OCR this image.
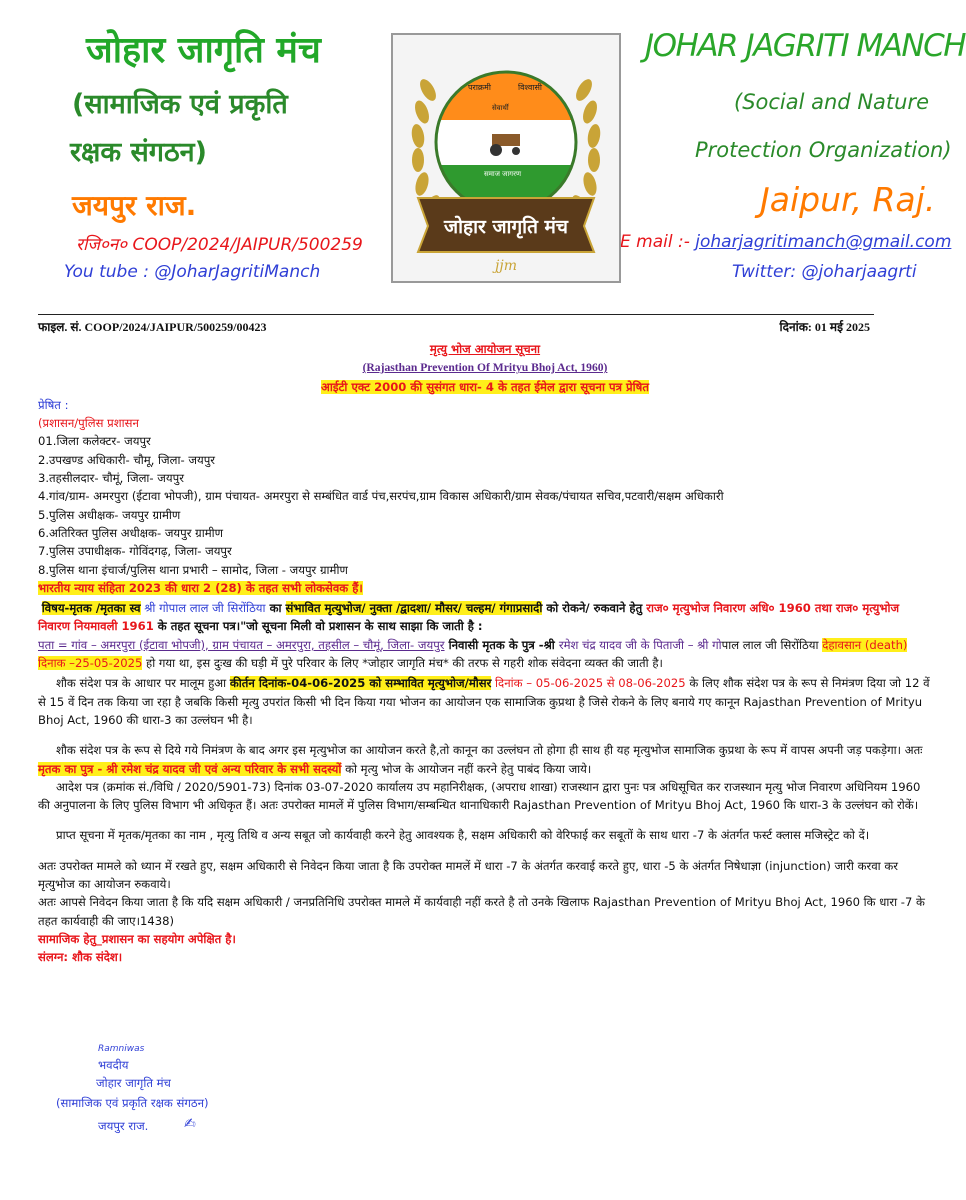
जोहार जागृति मंच
(सामाजिक एवं प्रकृति
रक्षक संगठन)
जयपुर राज.
रजि०न० COOP/2024/JAIPUR/500259
You tube : @JoharJagritiManch
JOHAR JAGRITI MANCH
(Social and Nature
Protection Organization)
Jaipur, Raj.
E mail :- joharjagritimanch@gmail.com
Twitter: @joharjaagrti
पराक्रमी	विश्वासी
सेवार्थी
समाज जागरण
जोहार जागृति मंच
jjm
फाइल. सं. COOP/2024/JAIPUR/500259/00423	दिनांक: 01 मई 2025
मृत्यु भोज आयोजन सूचना
(Rajasthan Prevention Of Mrityu Bhoj Act, 1960)
आईटी एक्ट 2000 की सुसंगत धारा- 4 के तहत ईमेल द्वारा सूचना पत्र प्रेषित
प्रेषित :
(प्रशासन/पुलिस प्रशासन
01.जिला कलेक्टर- जयपुर
2.उपखण्ड अधिकारी- चौमू, जिला- जयपुर
3.तहसीलदार- चौमूं, जिला- जयपुर
4.गांव/ग्राम- अमरपुरा (ईटावा भोपजी), ग्राम पंचायत- अमरपुरा से सम्बंधित वार्ड पंच,सरपंच,ग्राम विकास अधिकारी/ग्राम सेवक/पंचायत सचिव,पटवारी/सक्षम अधिकारी
5.पुलिस अधीक्षक- जयपुर ग्रामीण
6.अतिरिक्त पुलिस अधीक्षक- जयपुर ग्रामीण
7.पुलिस उपाधीक्षक- गोविंदगढ़, जिला- जयपुर
8.पुलिस थाना इंचार्ज/पुलिस थाना प्रभारी – सामोद, जिला - जयपुर ग्रामीण
भारतीय न्याय संहिता 2023 की धारा 2 (28) के तहत सभी लोकसेवक हैं।
विषय-मृतक /मृतका स्व श्री गोपाल लाल जी सिरोंठिया का संभावित मृत्युभोज/ नुक्ता /द्वादशा/ मौसर/ चल्हम/ गंगाप्रसादी को रोकने/ रुकवाने हेतु राज० मृत्युभोज निवारण अधि० 1960 तथा राज० मृत्युभोज निवारण नियमावली 1961 के तहत सूचना पत्र।"जो सूचना मिली वो प्रशासन के साथ साझा कि जाती है :
पता = गांव – अमरपुरा (ईटावा भोपजी), ग्राम पंचायत – अमरपुरा, तहसील – चौमूं, जिला- जयपुर निवासी मृतक के पुत्र -श्री रमेश चंद्र यादव जी के पिताजी – श्री गोपाल लाल जी सिरोंठिया देहावसान (death) दिनाक –25-05-2025 हो गया था, इस दुःख की घड़ी में पुरे परिवार के लिए *जोहार जागृति मंच* की तरफ से गहरी शोक संवेदना व्यक्त की जाती है।
शौक संदेश पत्र के आधार पर मालूम हुआ कीर्तन दिनांक-04-06-2025 को सम्भावित मृत्युभोज/मौसर दिनांक – 05-06-2025 से 08-06-2025 के लिए शौक संदेश पत्र के रूप से निमंत्रण दिया जो 12 वें से 15 वें दिन तक किया जा रहा है जबकि किसी मृत्यु उपरांत किसी भी दिन किया गया भोजन का आयोजन एक सामाजिक कुप्रथा है जिसे रोकने के लिए बनाये गए कानून Rajasthan Prevention of Mrityu Bhoj Act, 1960 की धारा-3 का उल्लंघन भी है।
शौक संदेश पत्र के रूप से दिये गये निमंत्रण के बाद अगर इस मृत्युभोज का आयोजन करते है,तो कानून का उल्लंघन तो होगा ही साथ ही यह मृत्युभोज सामाजिक कुप्रथा के रूप में वापस अपनी जड़ पकड़ेगा। अतः मृतक का पुत्र - श्री रमेश चंद्र यादव जी एवं अन्य परिवार के सभी सदस्यों को मृत्यु भोज के आयोजन नहीं करने हेतु पाबंद किया जाये।
आदेश पत्र (क्रमांक सं./विधि / 2020/5901-73) दिनांक 03-07-2020 कार्यालय उप महानिरीक्षक, (अपराध शाखा) राजस्थान द्वारा पुनः पत्र अधिसूचित कर राजस्थान मृत्यु भोज निवारण अधिनियम 1960 की अनुपालना के लिए पुलिस विभाग भी अधिकृत हैं। अतः उपरोक्त मामलें में पुलिस विभाग/सम्बन्धित थानाधिकारी Rajasthan Prevention of Mrityu Bhoj Act, 1960 कि धारा-3 के उल्लंघन को रोकें।
प्राप्त सूचना में मृतक/मृतका का नाम , मृत्यु तिथि व अन्य सबूत जो कार्यवाही करने हेतु आवश्यक है, सक्षम अधिकारी को वेरिफाई कर सबूतों के साथ धारा -7 के अंतर्गत फर्स्ट क्लास मजिस्ट्रेट को दें।
अतः उपरोक्त मामले को ध्यान में रखते हुए, सक्षम अधिकारी से निवेदन किया जाता है कि उपरोक्त मामलें में धारा -7 के अंतर्गत करवाई करते हुए, धारा -5 के अंतर्गत निषेधाज्ञा (injunction) जारी करवा कर मृत्युभोज का आयोजन रुकवाये।
अतः आपसे निवेदन किया जाता है कि यदि सक्षम अधिकारी / जनप्रतिनिधि उपरोक्त मामले में कार्यवाही नहीं करते है तो उनके खिलाफ Rajasthan Prevention of Mrityu Bhoj Act, 1960 कि धारा -7 के तहत कार्यवाही की जाए।1438)
सामाजिक हेतु_प्रशासन का सहयोग अपेक्षित है।
संलग्न: शौक संदेश।
Ramniwas
भवदीय
जोहार जागृति मंच
(सामाजिक एवं प्रकृति रक्षक संगठन)
जयपुर राज.	✍
